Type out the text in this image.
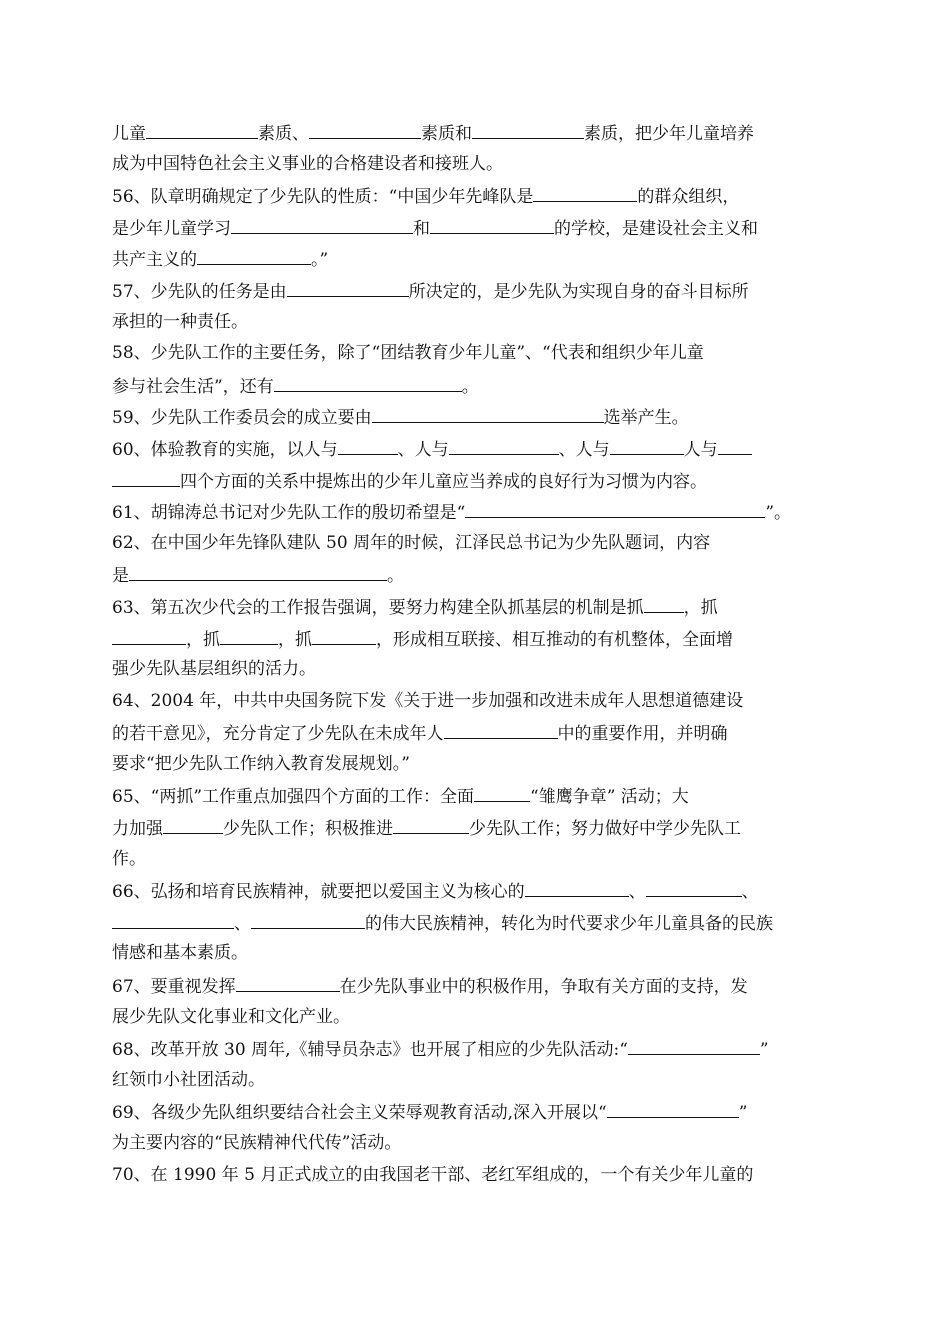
儿童	素质、	素质和	素质，把少年儿童培养
成为中国特色社会主义事业的合格建设者和接班人。
56、队章明确规定了少先队的性质：“中国少年先峰队是	的群众组织，
是少年儿童学习	和	的学校，是建设社会主义和
共产主义的	。”
57、少先队的任务是由	所决定的，是少先队为实现自身的奋斗目标所
承担的一种责任。
58、少先队工作的主要任务，除了“团结教育少年儿童”、“代表和组织少年儿童
参与社会生活”，还有	。
59、少先队工作委员会的成立要由	选举产生。
60、体验教育的实施，以人与	、人与	、人与	人与
四个方面的关系中提炼出的少年儿童应当养成的良好行为习惯为内容。
61、胡锦涛总书记对少先队工作的殷切希望是“	”。
62、在中国少年先锋队建队 50 周年的时候，江泽民总书记为少先队题词，内容
是	。
63、第五次少代会的工作报告强调，要努力构建全队抓基层的机制是抓 ，抓
，抓	，抓	，形成相互联接、相互推动的有机整体，全面增
强少先队基层组织的活力。
64、2004 年，中共中央国务院下发《关于进一步加强和改进未成年人思想道德建设
的若干意见》，充分肯定了少先队在未成年人	中的重要作用，并明确
要求“把少先队工作纳入教育发展规划。”
65、“两抓”工作重点加强四个方面的工作：全面	“雏鹰争章” 活动；大
力加强	少先队工作；积极推进	少先队工作；努力做好中学少先队工
作。
66、弘扬和培育民族精神，就要把以爱国主义为核心的	、	、
、	的伟大民族精神，转化为时代要求少年儿童具备的民族
情感和基本素质。
67、要重视发挥	在少先队事业中的积极作用，争取有关方面的支持，发
展少先队文化事业和文化产业。
68、改革开放 30 周年,《辅导员杂志》也开展了相应的少先队活动:“	”
红领巾小社团活动。
69、各级少先队组织要结合社会主义荣辱观教育活动,深入开展以“	”
为主要内容的“民族精神代代传”活动。
70、在 1990 年 5 月正式成立的由我国老干部、老红军组成的，一个有关少年儿童的
